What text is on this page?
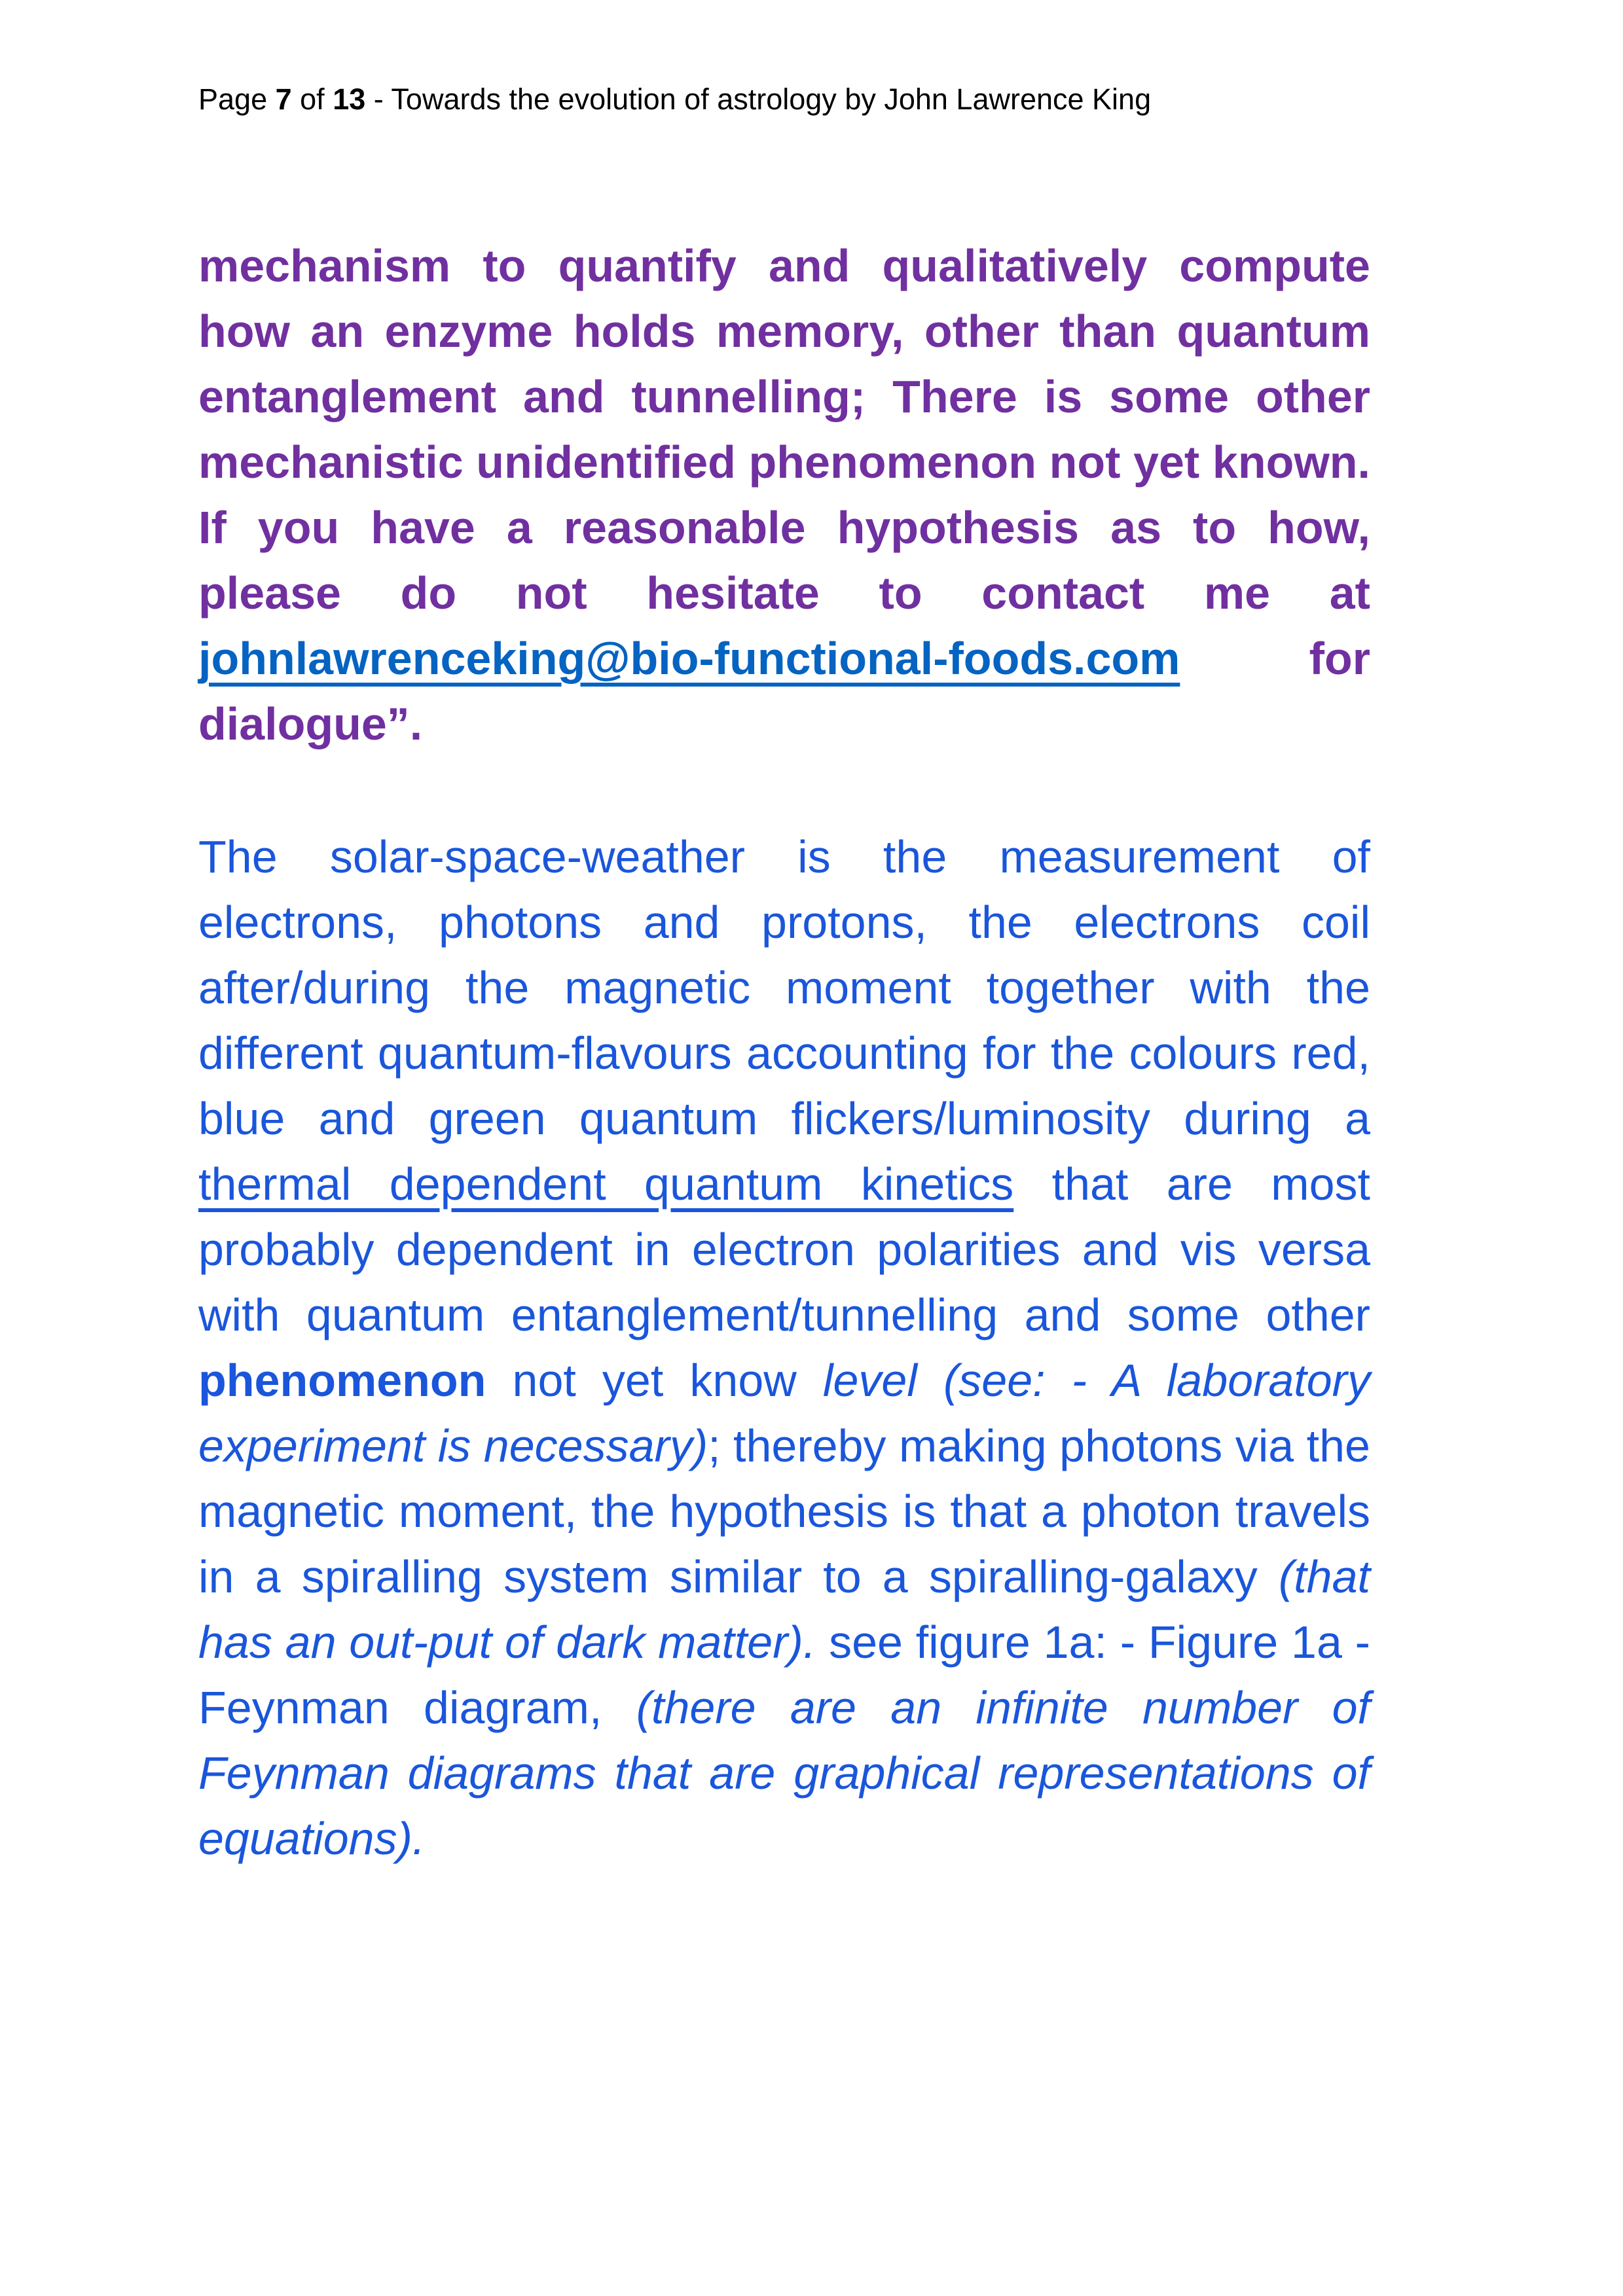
Page 7 of 13 - Towards the evolution of astrology by John Lawrence King

mechanism to quantify and qualitatively compute how an enzyme holds memory, other than quantum entanglement and tunnelling; There is some other mechanistic unidentified phenomenon not yet known. If you have a reasonable hypothesis as to how, please do not hesitate to contact me at johnlawrenceking@bio-functional-foods.com for dialogue”.

The solar-space-weather is the measurement of electrons, photons and protons, the electrons coil after/during the magnetic moment together with the different quantum-flavours accounting for the colours red, blue and green quantum flickers/luminosity during a thermal dependent quantum kinetics that are most probably dependent in electron polarities and vis versa with quantum entanglement/tunnelling and some other phenomenon not yet know level (see: - A laboratory experiment is necessary); thereby making photons via the magnetic moment, the hypothesis is that a photon travels in a spiralling system similar to a spiralling-galaxy (that has an out-put of dark matter). see figure 1a: - Figure 1a - Feynman diagram, (there are an infinite number of Feynman diagrams that are graphical representations of equations).
